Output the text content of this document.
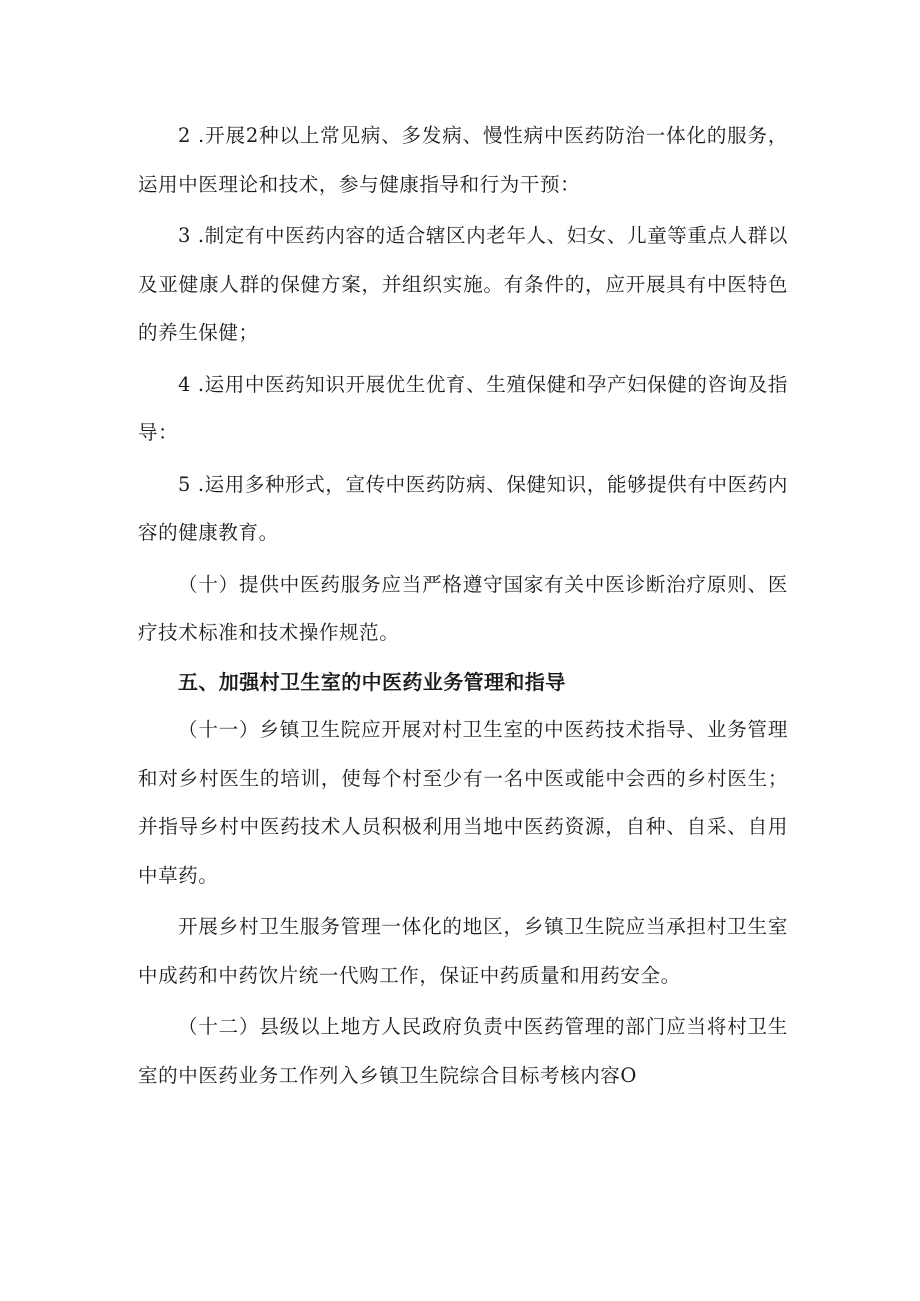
2 .开展2种以上常见病、多发病、慢性病中医药防治一体化的服务，运用中医理论和技术，参与健康指导和行为干预：

3 .制定有中医药内容的适合辖区内老年人、妇女、儿童等重点人群以及亚健康人群的保健方案，并组织实施。有条件的，应开展具有中医特色的养生保健；

4 .运用中医药知识开展优生优育、生殖保健和孕产妇保健的咨询及指导：

5 .运用多种形式，宣传中医药防病、保健知识，能够提供有中医药内容的健康教育。

（十）提供中医药服务应当严格遵守国家有关中医诊断治疗原则、医疗技术标准和技术操作规范。

五、加强村卫生室的中医药业务管理和指导

（十一）乡镇卫生院应开展对村卫生室的中医药技术指导、业务管理和对乡村医生的培训，使每个村至少有一名中医或能中会西的乡村医生；并指导乡村中医药技术人员积极利用当地中医药资源，自种、自采、自用中草药。

开展乡村卫生服务管理一体化的地区，乡镇卫生院应当承担村卫生室中成药和中药饮片统一代购工作，保证中药质量和用药安全。

（十二）县级以上地方人民政府负责中医药管理的部门应当将村卫生室的中医药业务工作列入乡镇卫生院综合目标考核内容O
